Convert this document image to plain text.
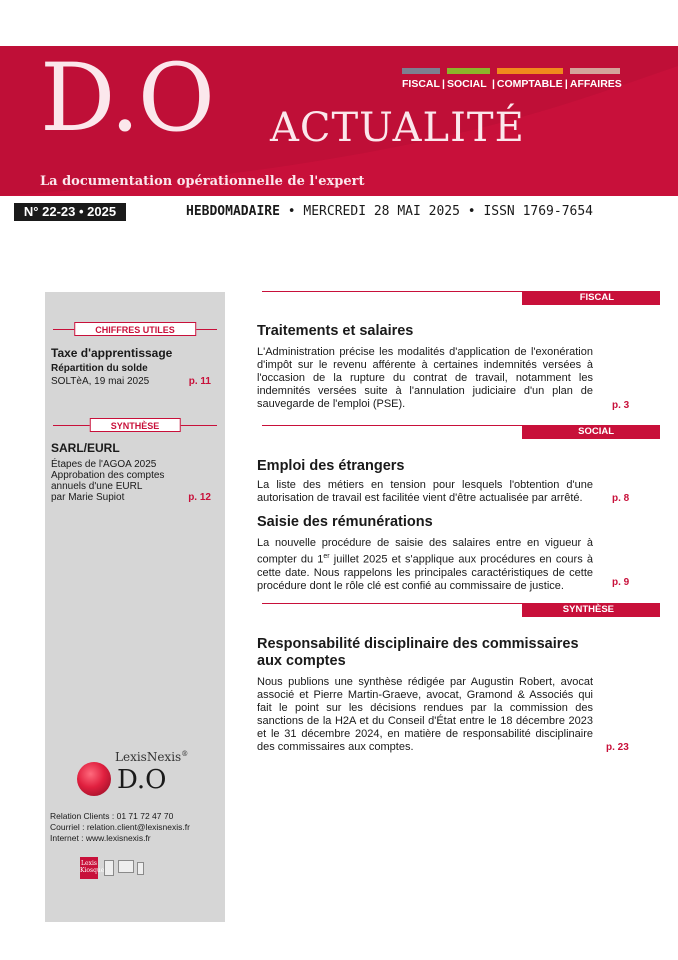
D.O ACTUALITÉ
La documentation opérationnelle de l'expert
FISCAL | SOCIAL | COMPTABLE | AFFAIRES
N° 22-23 • 2025	HEBDOMADAIRE • MERCREDI 28 MAI 2025 • ISSN 1769-7654
CHIFFRES UTILES
Taxe d'apprentissage
Répartition du solde
SOLTèA, 19 mai 2025	p. 11
SYNTHÈSE
SARL/EURL
Étapes de l'AGOA 2025
Approbation des comptes
annuels d'une EURL
par Marie Supiot	p. 12
LexisNexis®
D.O
Relation Clients : 01 71 72 47 70
Courriel : relation.client@lexisnexis.fr
Internet : www.lexisnexis.fr
Lexis Kiosque
FISCAL
Traitements et salaires
L'Administration précise les modalités d'application de l'exonération d'impôt sur le revenu afférente à certaines indemnités versées à l'occasion de la rupture du contrat de travail, notamment les indemnités versées suite à l'annulation judiciaire d'un plan de sauvegarde de l'emploi (PSE).	p. 3
SOCIAL
Emploi des étrangers
La liste des métiers en tension pour lesquels l'obtention d'une autorisation de travail est facilitée vient d'être actualisée par arrêté.	p. 8
Saisie des rémunérations
La nouvelle procédure de saisie des salaires entre en vigueur à compter du 1er juillet 2025 et s'applique aux procédures en cours à cette date. Nous rappelons les principales caractéristiques de cette procédure dont le rôle clé est confié au commissaire de justice.	p. 9
SYNTHÈSE
Responsabilité disciplinaire des commissaires
aux comptes
Nous publions une synthèse rédigée par Augustin Robert, avocat associé et Pierre Martin-Graeve, avocat, Gramond & Associés qui fait le point sur les décisions rendues par la commission des sanctions de la H2A et du Conseil d'État entre le 18 décembre 2023 et le 31 décembre 2024, en matière de responsabilité disciplinaire des commissaires aux comptes.	p. 23
